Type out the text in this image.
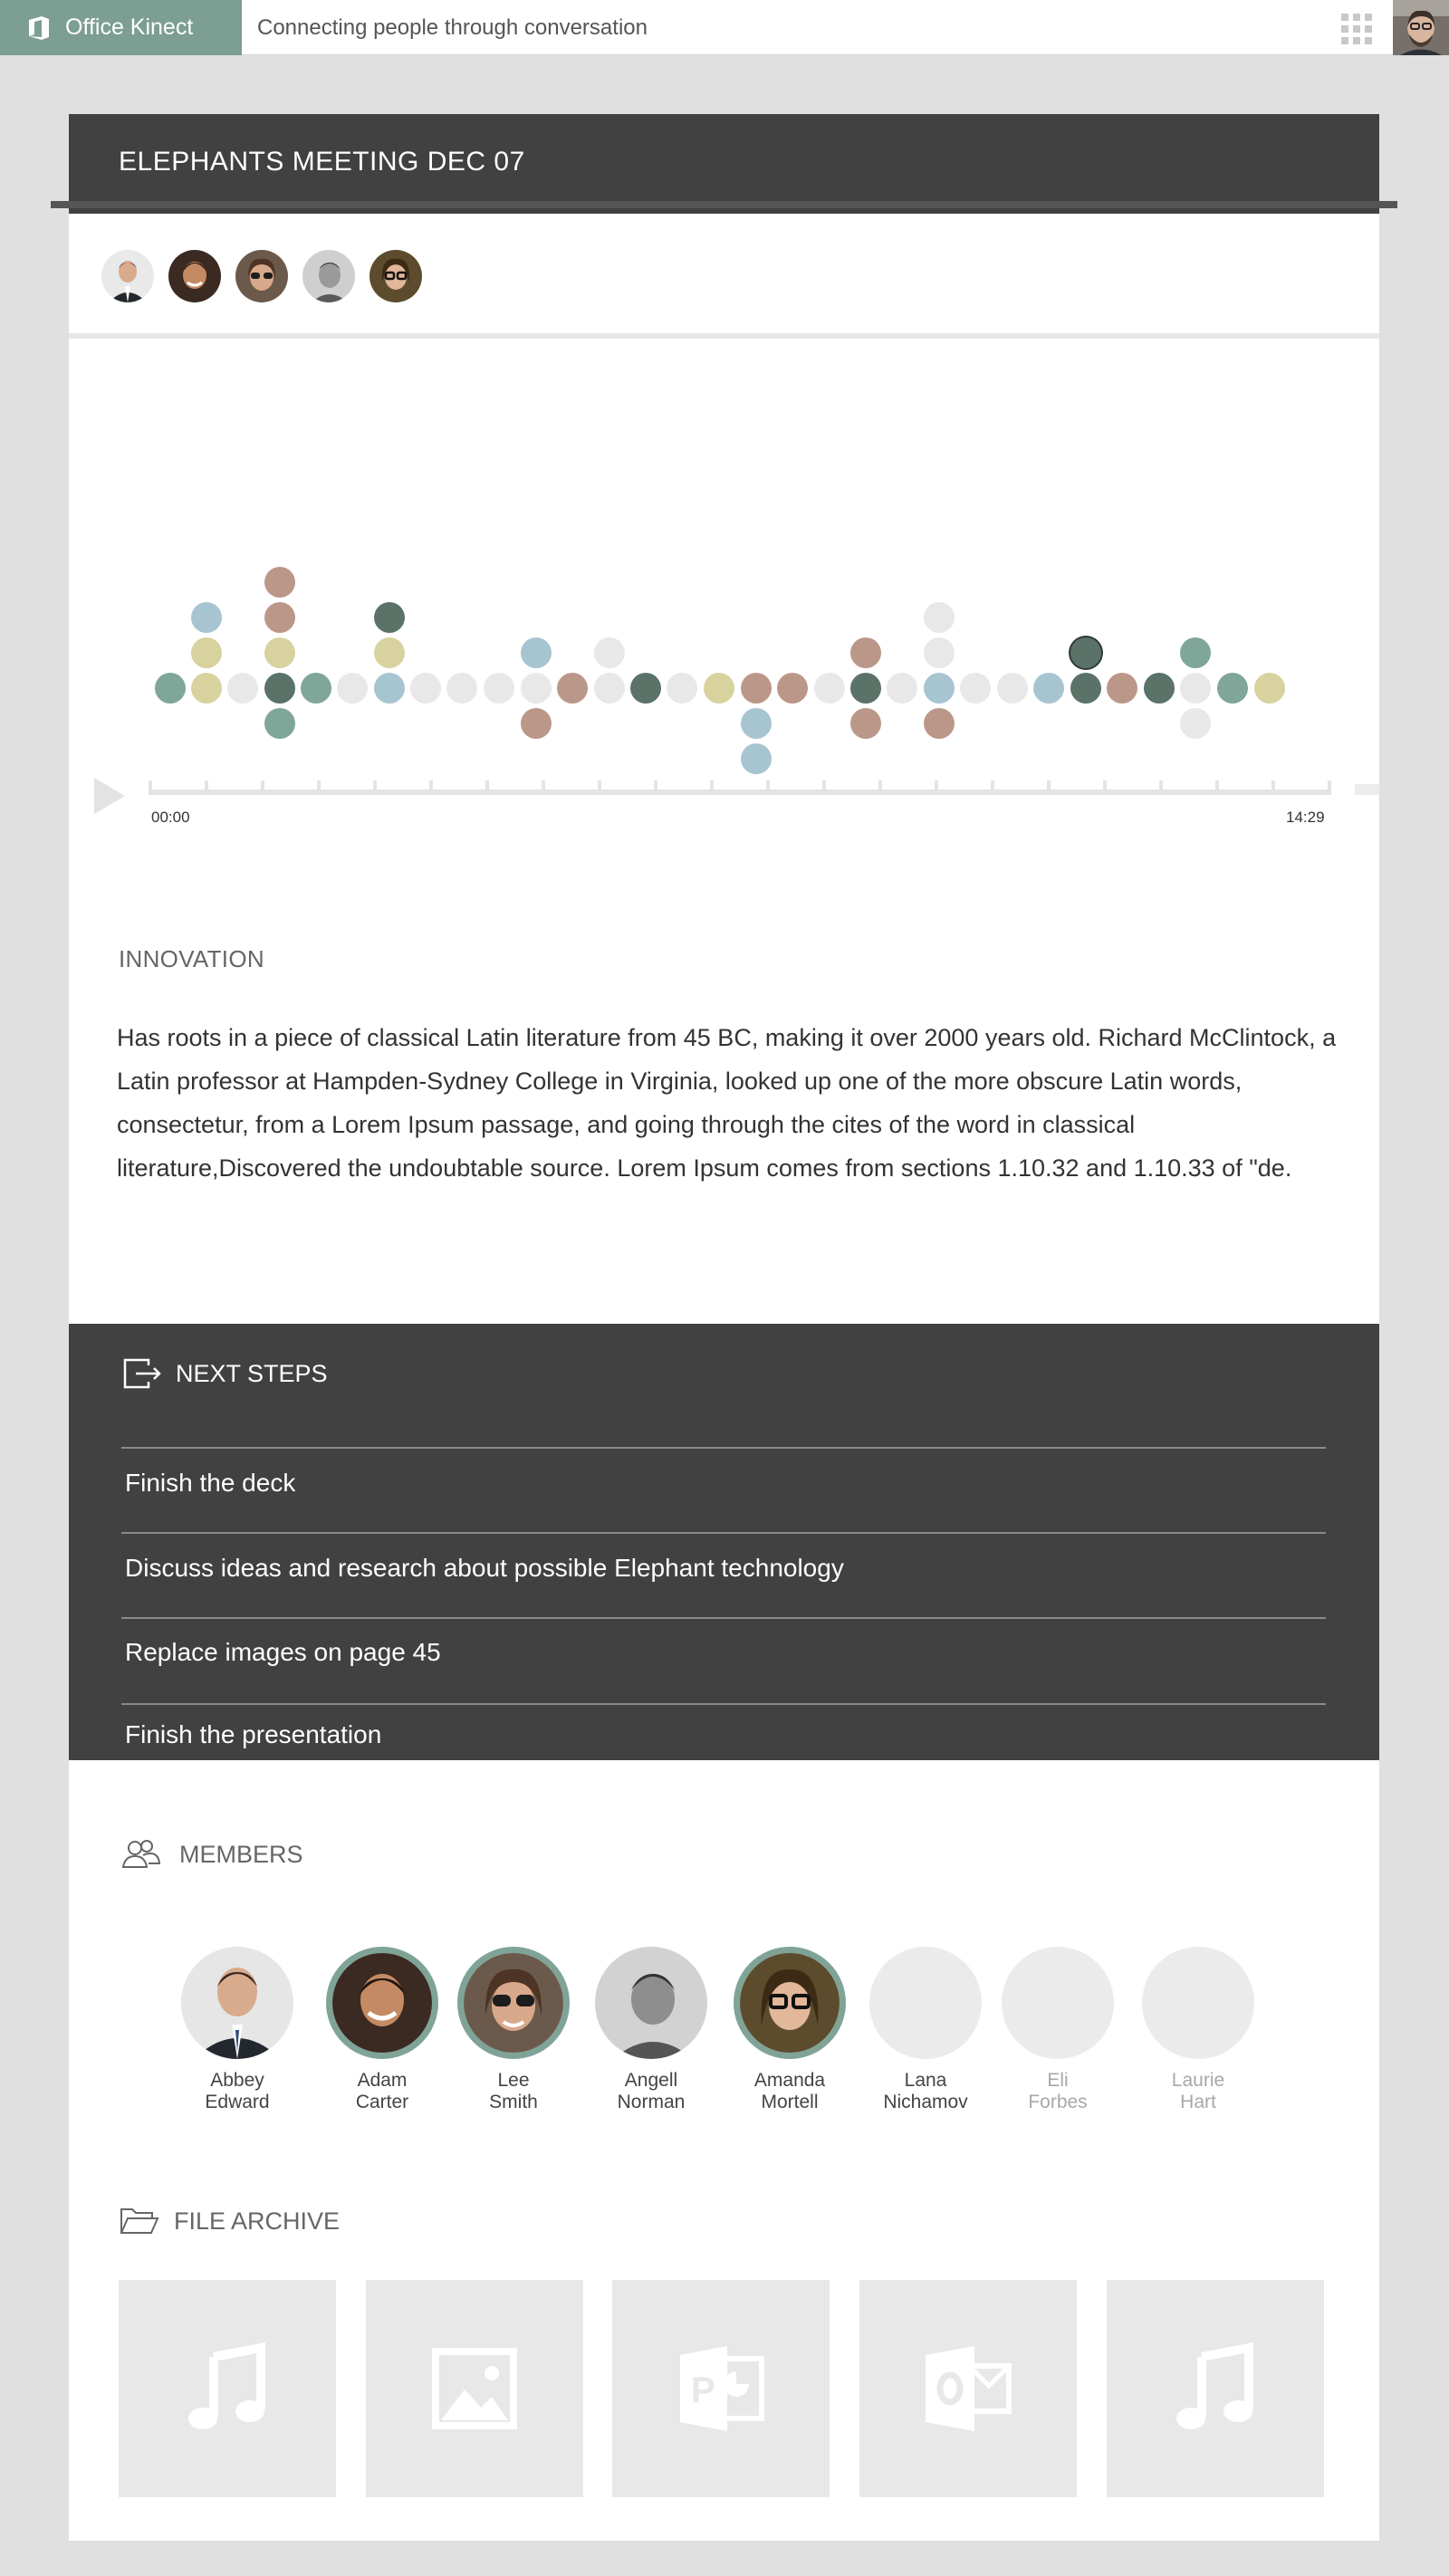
Office Kinect	Connecting people through conversation
ELEPHANTS MEETING DEC 07
00:00	14:29
INNOVATION
Has roots in a piece of classical Latin literature from 45 BC, making it over 2000 years old. Richard McClintock, a Latin professor at Hampden-Sydney College in Virginia, looked up one of the more obscure Latin words, consectetur, from a Lorem Ipsum passage, and going through the cites of the word in classical literature,Discovered the undoubtable source. Lorem Ipsum comes from sections 1.10.32 and 1.10.33 of "de.
NEXT STEPS
Finish the deck
Discuss ideas and research about possible Elephant technology
Replace images on page 45
Finish the presentation
MEMBERS
Abbey
Edward
Adam
Carter
Lee
Smith
Angell
Norman
Amanda
Mortell
Lana
Nichamov
Eli
Forbes
Laurie
Hart
FILE ARCHIVE
P
